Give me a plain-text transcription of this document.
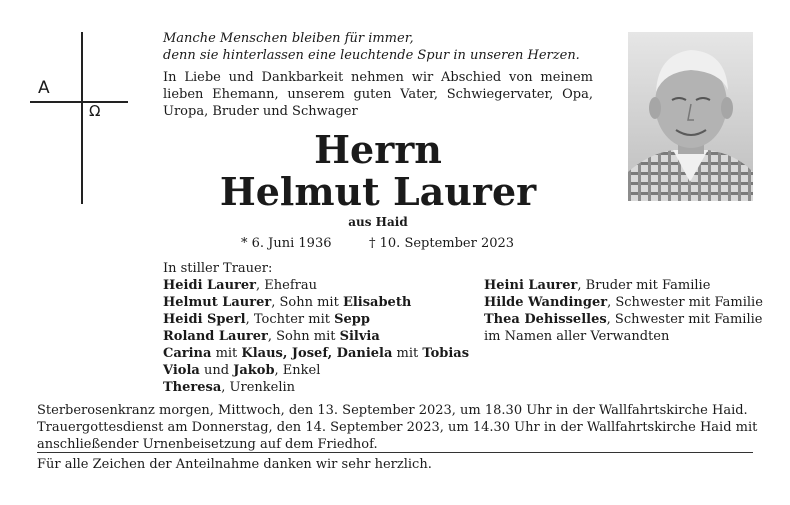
A
Ω
Manche Menschen bleiben für immer,
denn sie hinterlassen eine leuchtende Spur in unseren Herzen.
In Liebe und Dankbarkeit nehmen wir Abschied von meinem
lieben Ehemann, unserem guten Vater, Schwiegervater, Opa,
Uropa, Bruder und Schwager
Herrn
Helmut Laurer
aus Haid
* 6. Juni 1936	† 10. September 2023
In stiller Trauer:
Heidi Laurer, Ehefrau
Helmut Laurer, Sohn mit Elisabeth
Heidi Sperl, Tochter mit Sepp
Roland Laurer, Sohn mit Silvia
Carina mit Klaus, Josef, Daniela mit Tobias
Viola und Jakob, Enkel
Theresa, Urenkelin
Heini Laurer, Bruder mit Familie
Hilde Wandinger, Schwester mit Familie
Thea Dehisselles, Schwester mit Familie
im Namen aller Verwandten
Sterberosenkranz morgen, Mittwoch, den 13. September 2023, um 18.30 Uhr in der Wallfahrtskirche Haid.
Trauergottesdienst am Donnerstag, den 14. September 2023, um 14.30 Uhr in der Wallfahrtskirche Haid mit
anschließender Urnenbeisetzung auf dem Friedhof.
Für alle Zeichen der Anteilnahme danken wir sehr herzlich.
